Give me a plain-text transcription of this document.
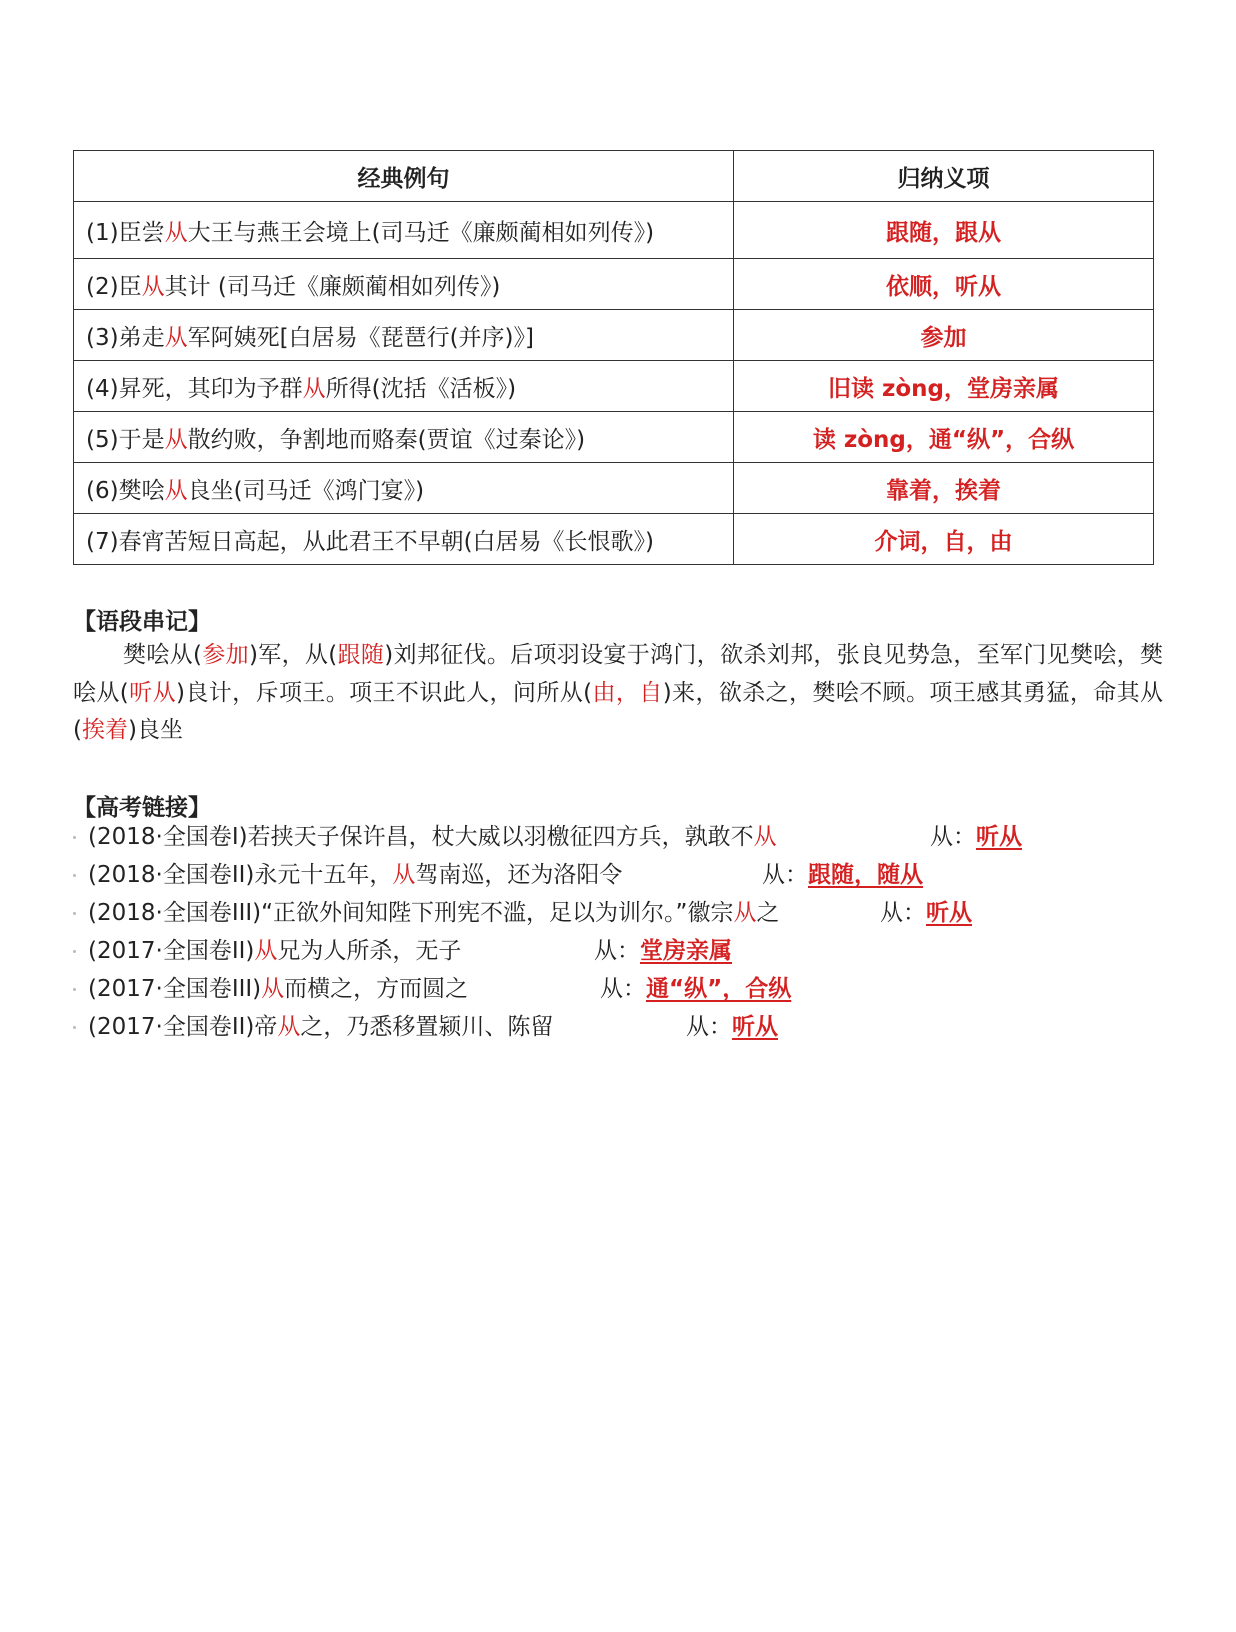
经典例句	归纳义项
(1)臣尝从大王与燕王会境上(司马迁《廉颇蔺相如列传》)	跟随，跟从
(2)臣从其计 (司马迁《廉颇蔺相如列传》)	依顺，听从
(3)弟走从军阿姨死[白居易《琵琶行(并序)》]	参加
(4)昇死，其印为予群从所得(沈括《活板》)	旧读 zòng，堂房亲属
(5)于是从散约败，争割地而赂秦(贾谊《过秦论》)	读 zòng，通“纵”，合纵
(6)樊哙从良坐(司马迁《鸿门宴》)	靠着，挨着
(7)春宵苦短日高起，从此君王不早朝(白居易《长恨歌》)	介词，自，由
【语段串记】

樊哙从(参加)军，从(跟随)刘邦征伐。后项羽设宴于鸿门，欲杀刘邦，张良见势急，至军门见樊哙，樊哙从(听从)良计，斥项王。项王不识此人，问所从(由，自)来，欲杀之，樊哙不顾。项王感其勇猛，命其从(挨着)良坐

【高考链接】
(2018·全国卷I)若挟天子保许昌，杖大威以羽檄征四方兵，孰敢不从	从：听从
(2018·全国卷II)永元十五年，从驾南巡，还为洛阳令	从：跟随，随从
(2018·全国卷III)“正欲外间知陛下刑宪不滥，足以为训尔。”徽宗从之	从：听从
(2017·全国卷II)从兄为人所杀，无子	从：堂房亲属
(2017·全国卷III)从而横之，方而圆之	从：通“纵”，合纵
(2017·全国卷II)帝从之，乃悉移置颍川、陈留	从：听从
